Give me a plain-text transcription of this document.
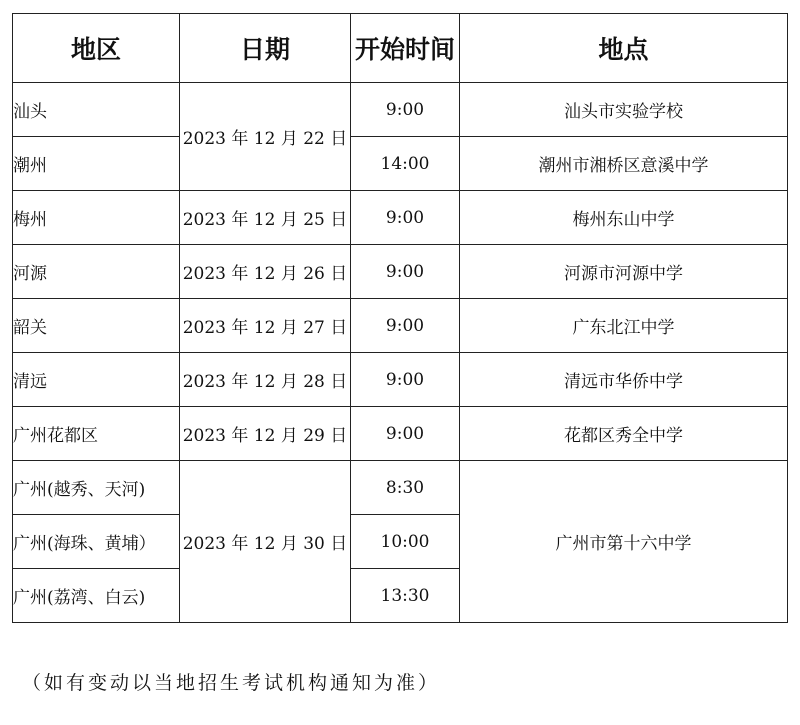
地区	日期	开始时间	地点
汕头	2023 年 12 月 22 日	9:00	汕头市实验学校
潮州		14:00	潮州市湘桥区意溪中学
梅州	2023 年 12 月 25 日	9:00	梅州东山中学
河源	2023 年 12 月 26 日	9:00	河源市河源中学
韶关	2023 年 12 月 27 日	9:00	广东北江中学
清远	2023 年 12 月 28 日	9:00	清远市华侨中学
广州花都区	2023 年 12 月 29 日	9:00	花都区秀全中学
广州(越秀、天河)	2023 年 12 月 30 日	8:30	广州市第十六中学
广州(海珠、黄埔）		10:00	
广州(荔湾、白云)		13:30	
（如有变动以当地招生考试机构通知为准）
